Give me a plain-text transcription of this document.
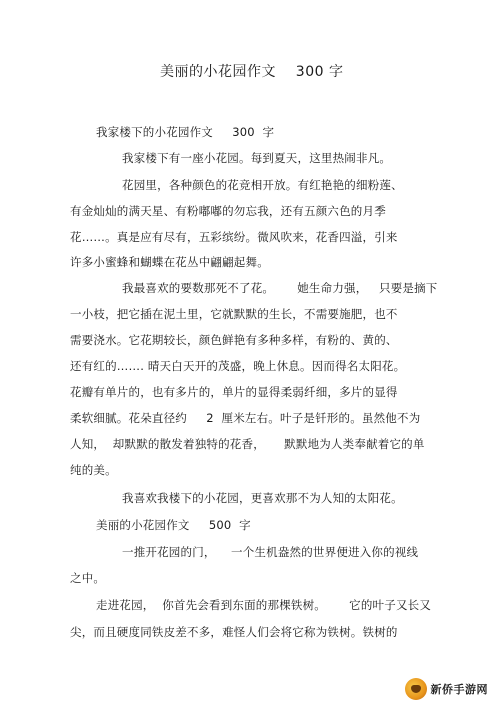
美丽的小花园作文    300 字
我家楼下的小花园作文     300  字
我家楼下有一座小花园。每到夏天，这里热闹非凡。
花园里，各种颜色的花竞相开放。有红艳艳的细粉莲、
有金灿灿的满天星、有粉嘟嘟的勿忘我，还有五颜六色的月季
花……。真是应有尽有，五彩缤纷。微风吹来，花香四溢，引来
许多小蜜蜂和蝴蝶在花丛中翩翩起舞。
我最喜欢的要数那死不了花。      她生命力强，   只要是摘下
一小枝，把它插在泥土里，它就默默的生长，不需要施肥，也不
需要浇水。它花期较长，颜色鲜艳有多种多样，有粉的、黄的、
还有红的……. 晴天白天开的茂盛，晚上休息。因而得名太阳花。
花瓣有单片的，也有多片的，单片的显得柔弱纤细，多片的显得
柔软细腻。花朵直径约     2  厘米左右。叶子是钎形的。虽然他不为
人知，  却默默的散发着独特的花香，     默默地为人类奉献着它的单
纯的美。
我喜欢我楼下的小花园，更喜欢那不为人知的太阳花。
美丽的小花园作文     500  字
一推开花园的门，    一个生机盎然的世界便进入你的视线
之中。
走进花园，  你首先会看到东面的那棵铁树。      它的叶子又长又
尖，而且硬度同铁皮差不多，难怪人们会将它称为铁树。铁树的
新侨手游网
